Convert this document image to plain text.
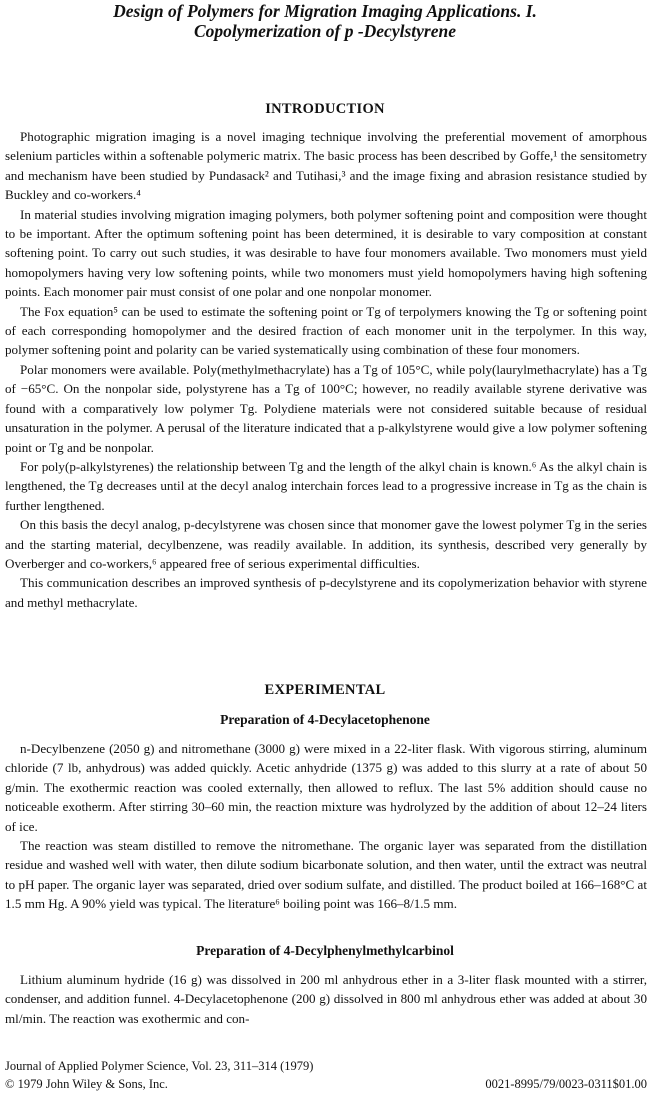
Design of Polymers for Migration Imaging Applications. I.
Copolymerization of p -Decylstyrene
INTRODUCTION

Photographic migration imaging is a novel imaging technique involving the preferential movement of amorphous selenium particles within a softenable polymeric matrix. The basic process has been described by Goffe,¹ the sensitometry and mechanism have been studied by Pundasack² and Tutihasi,³ and the image fixing and abrasion resistance studied by Buckley and co-workers.⁴

In material studies involving migration imaging polymers, both polymer softening point and composition were thought to be important. After the optimum softening point has been determined, it is desirable to vary composition at constant softening point. To carry out such studies, it was desirable to have four monomers available. Two monomers must yield homopolymers having very low softening points, while two monomers must yield homopolymers having high softening points. Each monomer pair must consist of one polar and one nonpolar monomer.

The Fox equation⁵ can be used to estimate the softening point or Tg of terpolymers knowing the Tg or softening point of each corresponding homopolymer and the desired fraction of each monomer unit in the terpolymer. In this way, polymer softening point and polarity can be varied systematically using combination of these four monomers.

Polar monomers were available. Poly(methylmethacrylate) has a Tg of 105°C, while poly(laurylmethacrylate) has a Tg of −65°C. On the nonpolar side, polystyrene has a Tg of 100°C; however, no readily available styrene derivative was found with a comparatively low polymer Tg. Polydiene materials were not considered suitable because of residual unsaturation in the polymer. A perusal of the literature indicated that a p-alkylstyrene would give a low polymer softening point or Tg and be nonpolar.

For poly(p-alkylstyrenes) the relationship between Tg and the length of the alkyl chain is known.⁶ As the alkyl chain is lengthened, the Tg decreases until at the decyl analog interchain forces lead to a progressive increase in Tg as the chain is further lengthened.

On this basis the decyl analog, p-decylstyrene was chosen since that monomer gave the lowest polymer Tg in the series and the starting material, decylbenzene, was readily available. In addition, its synthesis, described very generally by Overberger and co-workers,⁶ appeared free of serious experimental difficulties.

This communication describes an improved synthesis of p-decylstyrene and its copolymerization behavior with styrene and methyl methacrylate.

EXPERIMENTAL
Preparation of 4-Decylacetophenone

n-Decylbenzene (2050 g) and nitromethane (3000 g) were mixed in a 22-liter flask. With vigorous stirring, aluminum chloride (7 lb, anhydrous) was added quickly. Acetic anhydride (1375 g) was added to this slurry at a rate of about 50 g/min. The exothermic reaction was cooled externally, then allowed to reflux. The last 5% addition should cause no noticeable exotherm. After stirring 30–60 min, the reaction mixture was hydrolyzed by the addition of about 12–24 liters of ice.

The reaction was steam distilled to remove the nitromethane. The organic layer was separated from the distillation residue and washed well with water, then dilute sodium bicarbonate solution, and then water, until the extract was neutral to pH paper. The organic layer was separated, dried over sodium sulfate, and distilled. The product boiled at 166–168°C at 1.5 mm Hg. A 90% yield was typical. The literature⁶ boiling point was 166–8/1.5 mm.

Preparation of 4-Decylphenylmethylcarbinol

Lithium aluminum hydride (16 g) was dissolved in 200 ml anhydrous ether in a 3-liter flask mounted with a stirrer, condenser, and addition funnel. 4-Decylacetophenone (200 g) dissolved in 800 ml anhydrous ether was added at about 30 ml/min. The reaction was exothermic and con-

Journal of Applied Polymer Science, Vol. 23, 311–314 (1979)
© 1979 John Wiley & Sons, Inc.	0021-8995/79/0023-0311$01.00
